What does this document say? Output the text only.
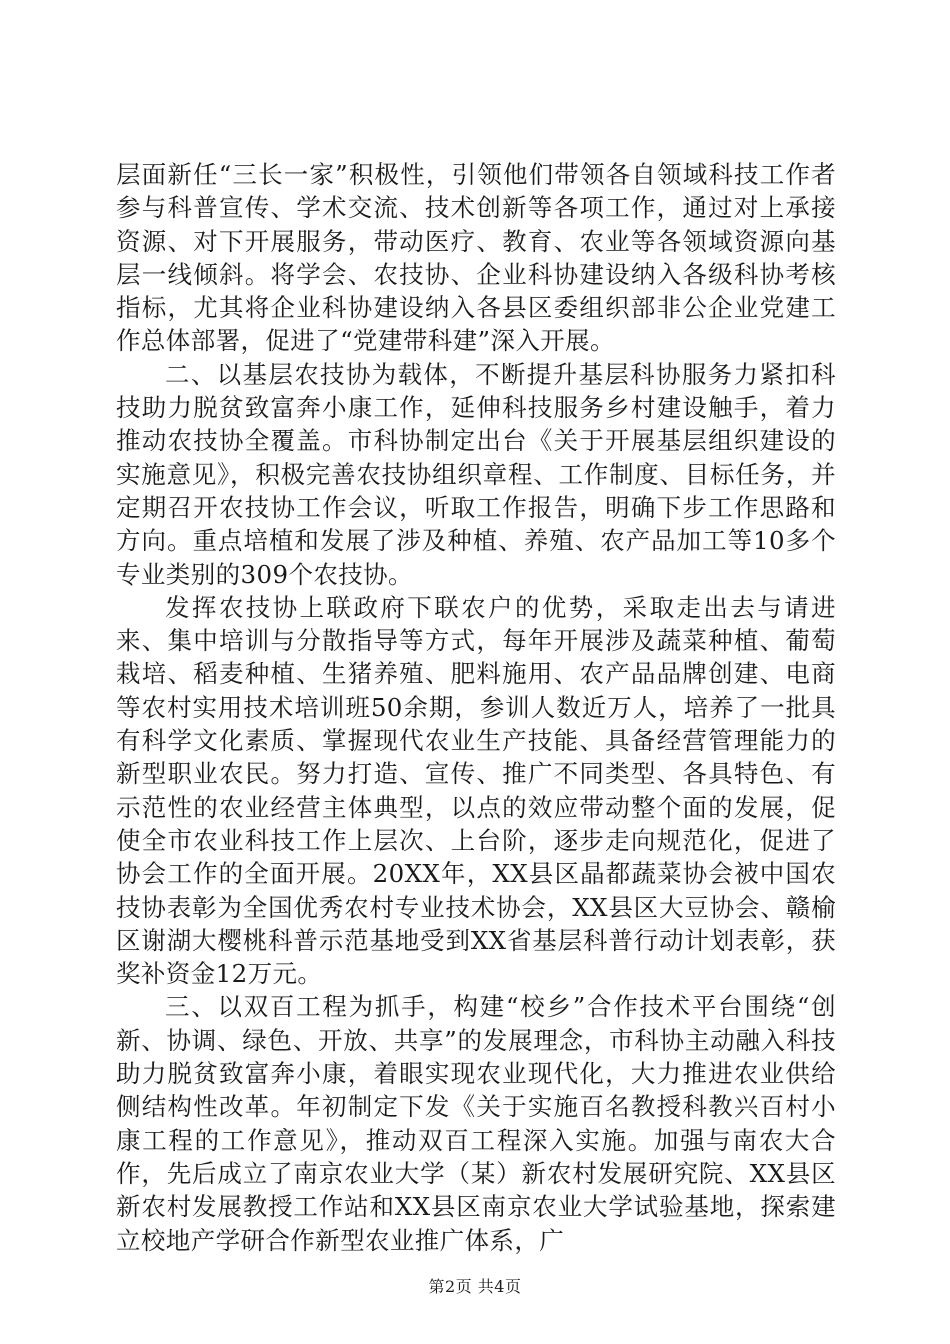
层面新任“三长一家”积极性，引领他们带领各自领域科技工作者参与科普宣传、学术交流、技术创新等各项工作，通过对上承接资源、对下开展服务，带动医疗、教育、农业等各领域资源向基层一线倾斜。将学会、农技协、企业科协建设纳入各级科协考核指标，尤其将企业科协建设纳入各县区委组织部非公企业党建工作总体部署，促进了“党建带科建”深入开展。

二、以基层农技协为载体，不断提升基层科协服务力紧扣科技助力脱贫致富奔小康工作，延伸科技服务乡村建设触手，着力推动农技协全覆盖。市科协制定出台《关于开展基层组织建设的实施意见》，积极完善农技协组织章程、工作制度、目标任务，并定期召开农技协工作会议，听取工作报告，明确下步工作思路和方向。重点培植和发展了涉及种植、养殖、农产品加工等10多个专业类别的309个农技协。

发挥农技协上联政府下联农户的优势，采取走出去与请进来、集中培训与分散指导等方式，每年开展涉及蔬菜种植、葡萄栽培、稻麦种植、生猪养殖、肥料施用、农产品品牌创建、电商等农村实用技术培训班50余期，参训人数近万人，培养了一批具有科学文化素质、掌握现代农业生产技能、具备经营管理能力的新型职业农民。努力打造、宣传、推广不同类型、各具特色、有示范性的农业经营主体典型，以点的效应带动整个面的发展，促使全市农业科技工作上层次、上台阶，逐步走向规范化，促进了协会工作的全面开展。20XX年，XX县区晶都蔬菜协会被中国农技协表彰为全国优秀农村专业技术协会，XX县区大豆协会、赣榆区谢湖大樱桃科普示范基地受到XX省基层科普行动计划表彰，获奖补资金12万元。

三、以双百工程为抓手，构建“校乡”合作技术平台围绕“创新、协调、绿色、开放、共享”的发展理念，市科协主动融入科技助力脱贫致富奔小康，着眼实现农业现代化，大力推进农业供给侧结构性改革。年初制定下发《关于实施百名教授科教兴百村小康工程的工作意见》，推动双百工程深入实施。加强与南农大合作，先后成立了南京农业大学（某）新农村发展研究院、XX县区新农村发展教授工作站和XX县区南京农业大学试验基地，探索建立校地产学研合作新型农业推广体系，广

第2页 共4页
